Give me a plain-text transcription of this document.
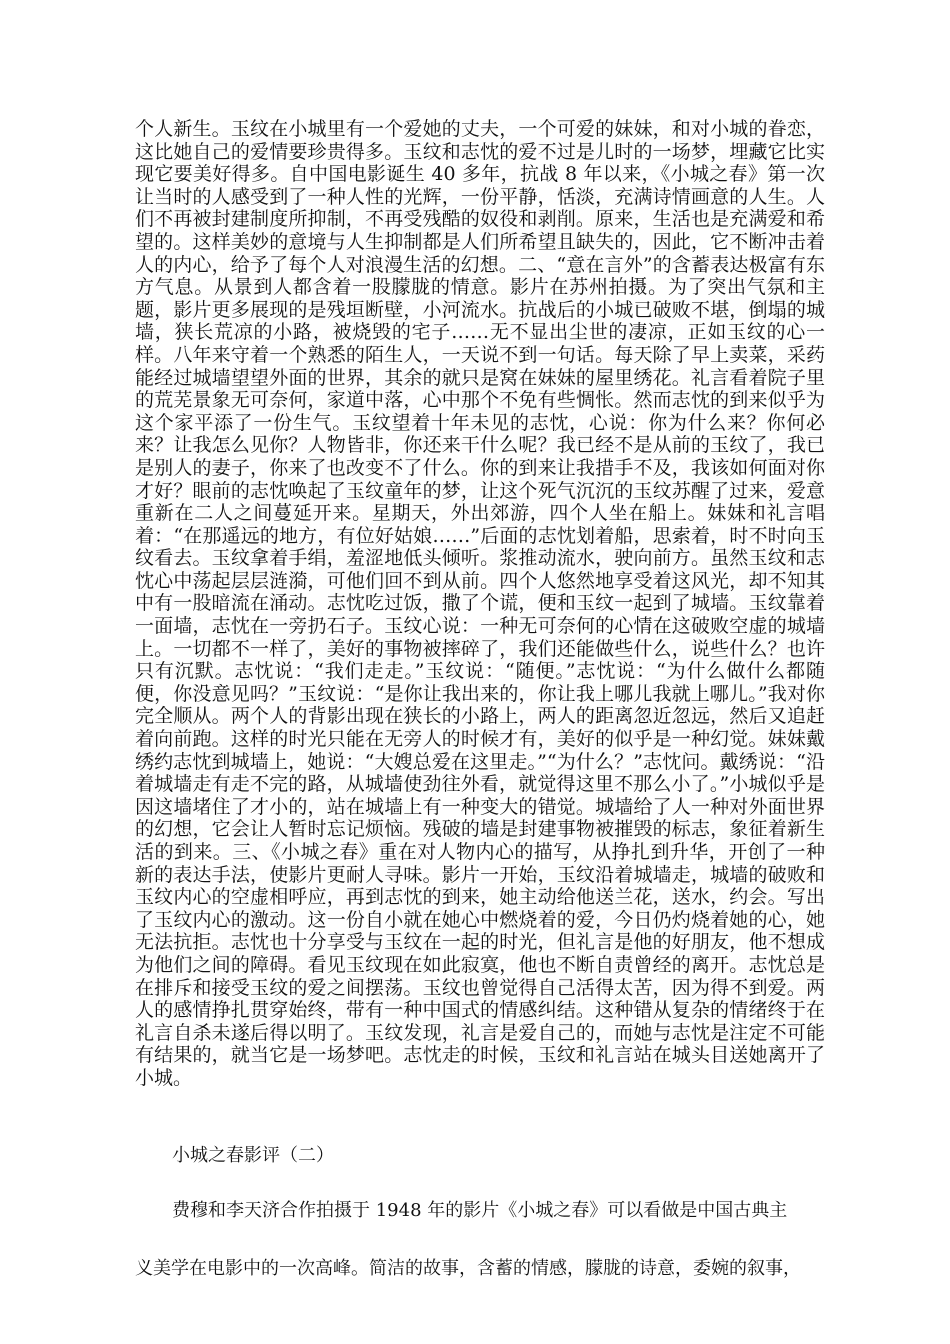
个人新生。玉纹在小城里有一个爱她的丈夫，一个可爱的妹妹，和对小城的眷恋，这比她自己的爱情要珍贵得多。玉纹和志忱的爱不过是儿时的一场梦，埋藏它比实现它要美好得多。自中国电影诞生 40 多年，抗战 8 年以来，《小城之春》第一次让当时的人感受到了一种人性的光辉，一份平静，恬淡，充满诗情画意的人生。人们不再被封建制度所抑制，不再受残酷的奴役和剥削。原来，生活也是充满爱和希望的。这样美妙的意境与人生抑制都是人们所希望且缺失的，因此，它不断冲击着人的内心，给予了每个人对浪漫生活的幻想。二、“意在言外”的含蓄表达极富有东方气息。从景到人都含着一股朦胧的情意。影片在苏州拍摄。为了突出气氛和主题，影片更多展现的是残垣断壁，小河流水。抗战后的小城已破败不堪，倒塌的城墙，狭长荒凉的小路，被烧毁的宅子……无不显出尘世的凄凉，正如玉纹的心一样。八年来守着一个熟悉的陌生人，一天说不到一句话。每天除了早上卖菜，采药能经过城墙望望外面的世界，其余的就只是窝在妹妹的屋里绣花。礼言看着院子里的荒芜景象无可奈何，家道中落，心中那个不免有些惆怅。然而志忱的到来似乎为这个家平添了一份生气。玉纹望着十年未见的志忱，心说：你为什么来？你何必来？让我怎么见你？人物皆非，你还来干什么呢？我已经不是从前的玉纹了，我已是别人的妻子，你来了也改变不了什么。你的到来让我措手不及，我该如何面对你才好？眼前的志忱唤起了玉纹童年的梦，让这个死气沉沉的玉纹苏醒了过来，爱意重新在二人之间蔓延开来。星期天，外出郊游，四个人坐在船上。妹妹和礼言唱着：“在那遥远的地方，有位好姑娘……”后面的志忱划着船，思索着，时不时向玉纹看去。玉纹拿着手绢，羞涩地低头倾听。浆推动流水，驶向前方。虽然玉纹和志忱心中荡起层层涟漪，可他们回不到从前。四个人悠然地享受着这风光，却不知其中有一股暗流在涌动。志忱吃过饭，撒了个谎，便和玉纹一起到了城墙。玉纹靠着一面墙，志忱在一旁扔石子。玉纹心说：一种无可奈何的心情在这破败空虚的城墙上。一切都不一样了，美好的事物被摔碎了，我们还能做些什么，说些什么？也许只有沉默。志忱说：“我们走走。”玉纹说：“随便。”志忱说：“为什么做什么都随便，你没意见吗？”玉纹说：“是你让我出来的，你让我上哪儿我就上哪儿。”我对你完全顺从。两个人的背影出现在狭长的小路上，两人的距离忽近忽远，然后又追赶着向前跑。这样的时光只能在无旁人的时候才有，美好的似乎是一种幻觉。妹妹戴绣约志忱到城墙上，她说：“大嫂总爱在这里走。”“为什么？”志忱问。戴绣说：“沿着城墙走有走不完的路，从城墙使劲往外看，就觉得这里不那么小了。”小城似乎是因这墙堵住了才小的，站在城墙上有一种变大的错觉。城墙给了人一种对外面世界的幻想，它会让人暂时忘记烦恼。残破的墙是封建事物被摧毁的标志，象征着新生活的到来。三、《小城之春》重在对人物内心的描写，从挣扎到升华，开创了一种新的表达手法，使影片更耐人寻味。影片一开始，玉纹沿着城墙走，城墙的破败和玉纹内心的空虚相呼应，再到志忱的到来，她主动给他送兰花，送水，约会。写出了玉纹内心的激动。这一份自小就在她心中燃烧着的爱，今日仍灼烧着她的心，她无法抗拒。志忱也十分享受与玉纹在一起的时光，但礼言是他的好朋友，他不想成为他们之间的障碍。看见玉纹现在如此寂寞，他也不断自责曾经的离开。志忱总是在排斥和接受玉纹的爱之间摆荡。玉纹也曾觉得自己活得太苦，因为得不到爱。两人的感情挣扎贯穿始终，带有一种中国式的情感纠结。这种错从复杂的情绪终于在礼言自杀未遂后得以明了。玉纹发现，礼言是爱自己的，而她与志忱是注定不可能有结果的，就当它是一场梦吧。志忱走的时候，玉纹和礼言站在城头目送她离开了小城。

小城之春影评（二）

费穆和李天济合作拍摄于 1948 年的影片《小城之春》可以看做是中国古典主

义美学在电影中的一次高峰。简洁的故事，含蓄的情感，朦胧的诗意，委婉的叙事，
